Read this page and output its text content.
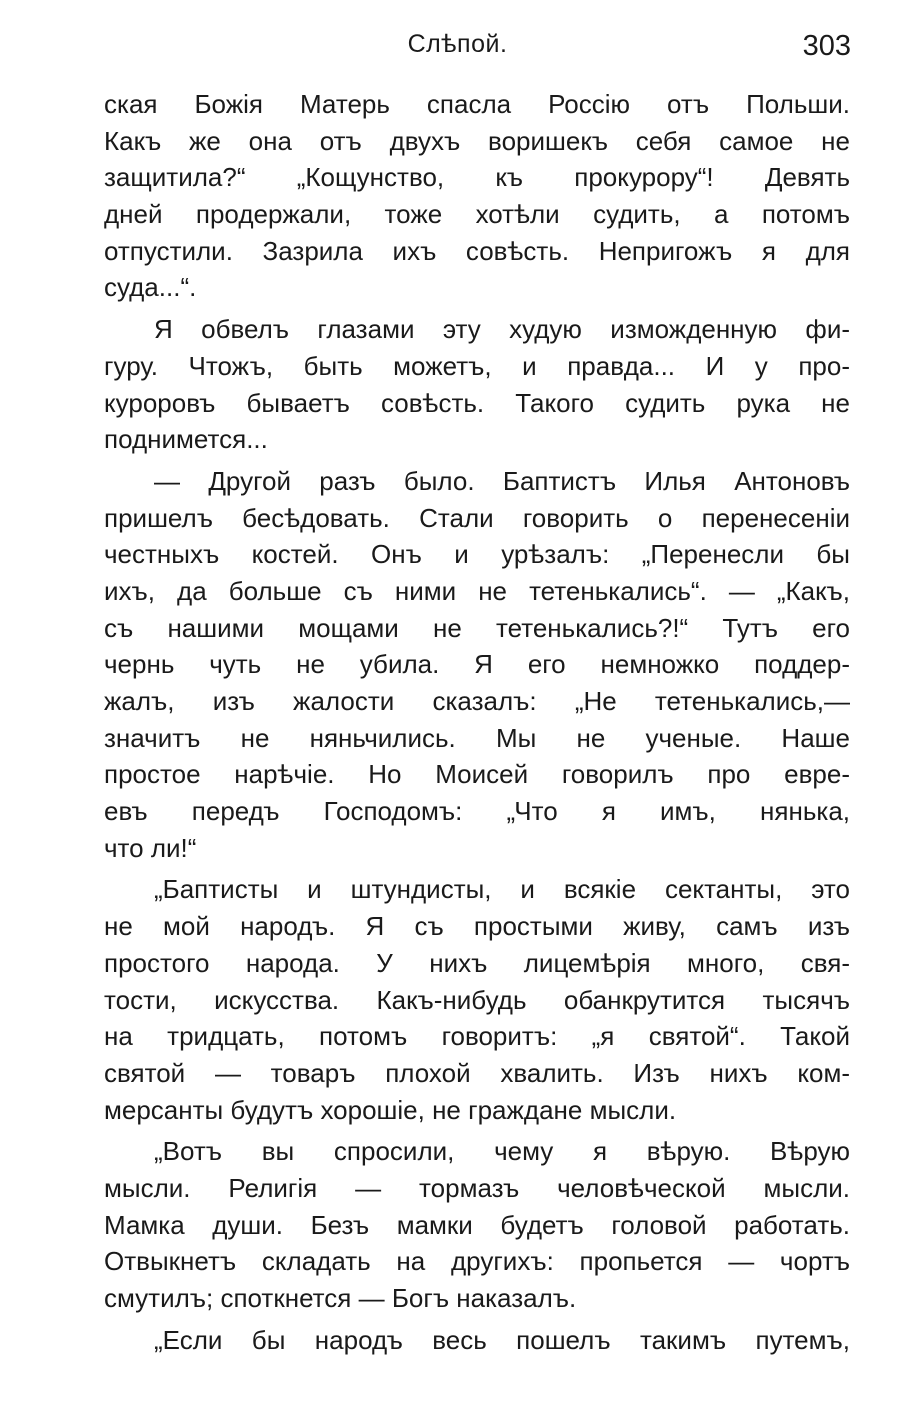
Слѣпой.	303
ская Божія Матерь спасла Россію отъ Польши.
Какъ же она отъ двухъ воришекъ себя самое не
защитила?“ „Кощунство, къ прокурору“! Девять
дней продержали, тоже хотѣли судить, а потомъ
отпустили. Зазрила ихъ совѣсть. Непригожъ я для
суда...“.
Я обвелъ глазами эту худую изможденную фи-
гуру. Чтожъ, быть можетъ, и правда... И у про-
куроровъ бываетъ совѣсть. Такого судить рука не
поднимется...
— Другой разъ было. Баптистъ Илья Антоновъ
пришелъ бесѣдовать. Стали говорить о перенесеніи
честныхъ костей. Онъ и урѣзалъ: „Перенесли бы
ихъ, да больше съ ними не тетенькались“. — „Какъ,
съ нашими мощами не тетенькались?!“ Тутъ его
чернь чуть не убила. Я его немножко поддер-
жалъ, изъ жалости сказалъ: „Не тетенькались,—
значитъ не няньчились. Мы не ученые. Наше
простое нарѣчіе. Но Моисей говорилъ про евре-
евъ передъ Господомъ: „Что я имъ, нянька,
что ли!“
„Баптисты и штундисты, и всякіе сектанты, это
не мой народъ. Я съ простыми живу, самъ изъ
простого народа. У нихъ лицемѣрія много, свя-
тости, искусства. Какъ-нибудь обанкрутится тысячъ
на тридцать, потомъ говоритъ: „я святой“. Такой
святой — товаръ плохой хвалить. Изъ нихъ ком-
мерсанты будутъ хорошіе, не граждане мысли.
„Вотъ вы спросили, чему я вѣрую. Вѣрую
мысли. Религія — тормазъ человѣческой мысли.
Мамка души. Безъ мамки будетъ головой работать.
Отвыкнетъ складать на другихъ: пропьется — чортъ
смутилъ; споткнется — Богъ наказалъ.
„Если бы народъ весь пошелъ такимъ путемъ,
